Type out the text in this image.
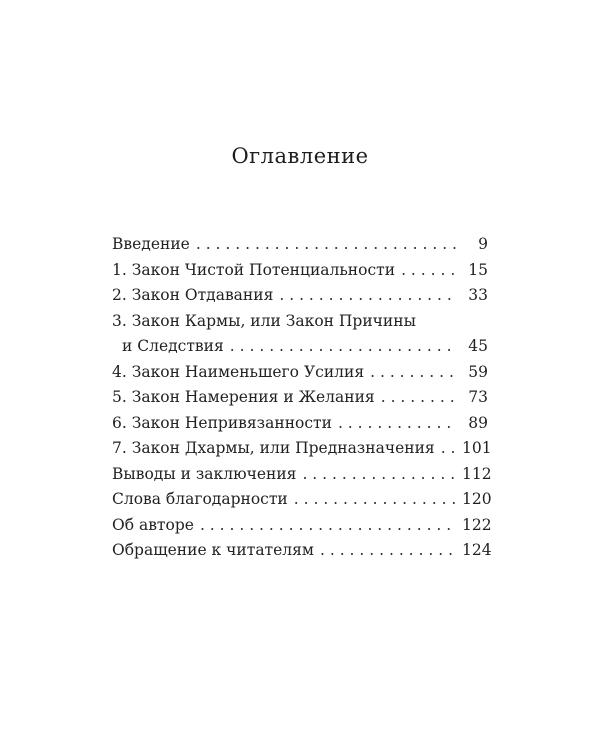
Оглавление
Введение . . .	9
1. Закон Чистой Потенциальности . . .	15
2. Закон Отдавания . . .	33
3. Закон Кармы, или Закон Причины
и Следствия . . .	45
4. Закон Наименьшего Усилия . . .	59
5. Закон Намерения и Желания . . .	73
6. Закон Непривязанности . . .	89
7. Закон Дхармы, или Предназначения . . . 101
Выводы и заключения . . .	112
Слова благодарности . . .	120
Об авторе . . .	122
Обращение к читателям . . .	124
